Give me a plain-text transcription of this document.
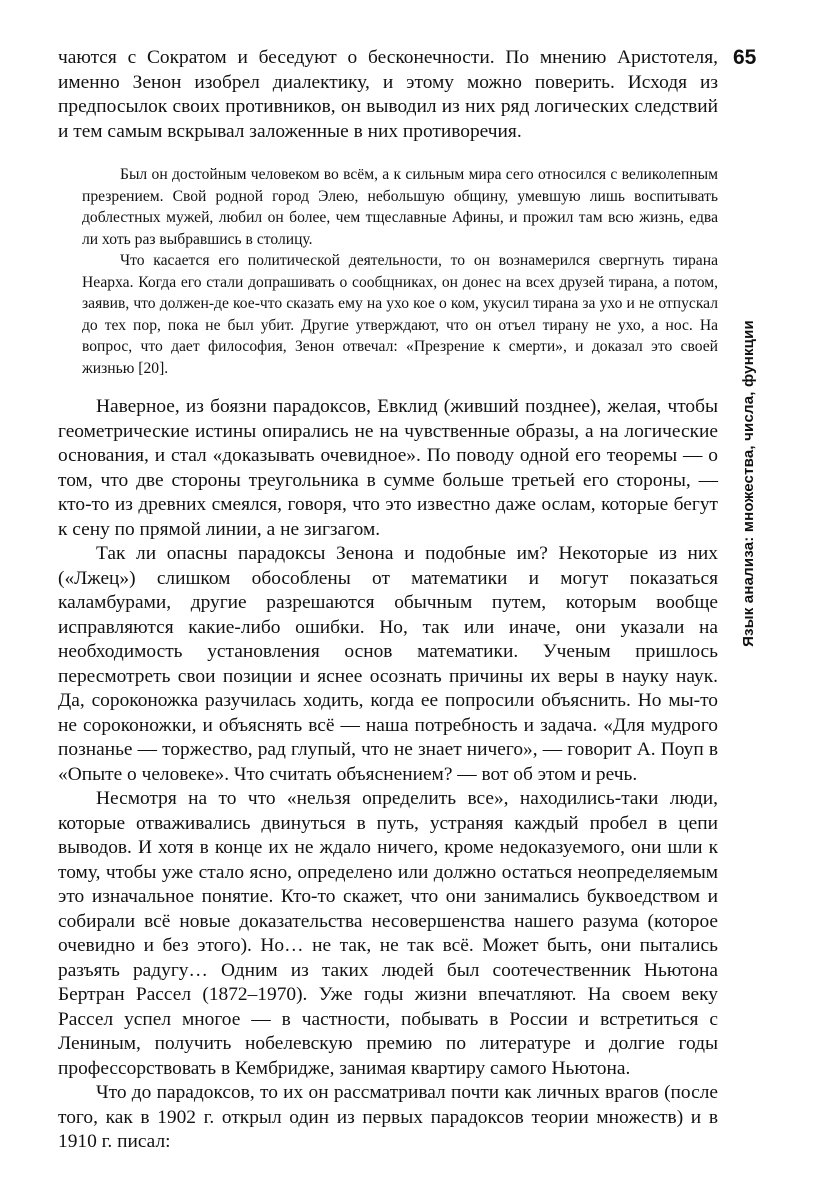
65
Язык анализа: множества, числа, функции

чаются с Сократом и беседуют о бесконечности. По мнению Аристотеля, именно Зенон изобрел диалектику, и этому можно поверить. Исходя из предпосылок своих противников, он выводил из них ряд логических следствий и тем самым вскрывал заложенные в них противоречия.

Был он достойным человеком во всём, а к сильным мира сего относился с великолепным презрением. Свой родной город Элею, небольшую общину, умевшую лишь воспитывать доблестных мужей, любил он более, чем тщеславные Афины, и прожил там всю жизнь, едва ли хоть раз выбравшись в столицу.

Что касается его политической деятельности, то он вознамерился свергнуть тирана Неарха. Когда его стали допрашивать о сообщниках, он донес на всех друзей тирана, а потом, заявив, что должен-де кое-что сказать ему на ухо кое о ком, укусил тирана за ухо и не отпускал до тех пор, пока не был убит. Другие утверждают, что он отъел тирану не ухо, а нос. На вопрос, что дает философия, Зенон отвечал: «Презрение к смерти», и доказал это своей жизнью [20].

Наверное, из боязни парадоксов, Евклид (живший позднее), желая, чтобы геометрические истины опирались не на чувственные образы, а на логические основания, и стал «доказывать очевидное». По поводу одной его теоремы — о том, что две стороны треугольника в сумме больше третьей его стороны, — кто-то из древних смеялся, говоря, что это известно даже ослам, которые бегут к сену по прямой линии, а не зигзагом.

Так ли опасны парадоксы Зенона и подобные им? Некоторые из них («Лжец») слишком обособлены от математики и могут показаться каламбурами, другие разрешаются обычным путем, которым вообще исправляются какие-либо ошибки. Но, так или иначе, они указали на необходимость установления основ математики. Ученым пришлось пересмотреть свои позиции и яснее осознать причины их веры в науку наук. Да, сороконожка разучилась ходить, когда ее попросили объяснить. Но мы-то не сороконожки, и объяснять всё — наша потребность и задача. «Для мудрого познанье — торжество, рад глупый, что не знает ничего», — говорит А. Поуп в «Опыте о человеке». Что считать объяснением? — вот об этом и речь.

Несмотря на то что «нельзя определить все», находились-таки люди, которые отваживались двинуться в путь, устраняя каждый пробел в цепи выводов. И хотя в конце их не ждало ничего, кроме недоказуемого, они шли к тому, чтобы уже стало ясно, определено или должно остаться неопределяемым это изначальное понятие. Кто-то скажет, что они занимались буквоедством и собирали всё новые доказательства несовершенства нашего разума (которое очевидно и без этого). Но… не так, не так всё. Может быть, они пытались разъять радугу… Одним из таких людей был соотечественник Ньютона Бертран Рассел (1872–1970). Уже годы жизни впечатляют. На своем веку Рассел успел многое — в частности, побывать в России и встретиться с Лениным, получить нобелевскую премию по литературе и долгие годы профессорствовать в Кембридже, занимая квартиру самого Ньютона.

Что до парадоксов, то их он рассматривал почти как личных врагов (после того, как в 1902 г. открыл один из первых парадоксов теории множеств) и в 1910 г. писал:
